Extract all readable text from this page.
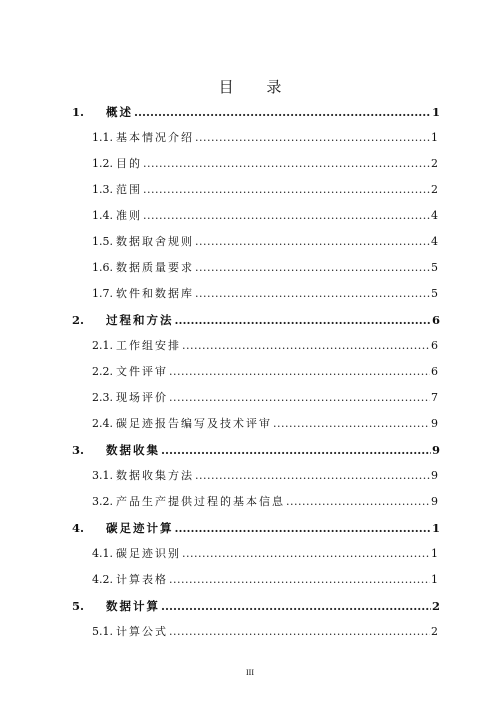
目 录
1.	概述 .....	1
1.1. 基本情况介绍 .....	1
1.2. 目的 .....	2
1.3. 范围 .....	2
1.4. 准则 .....	4
1.5. 数据取舍规则 .....	4
1.6. 数据质量要求 .....	5
1.7. 软件和数据库 .....	5
2.	过程和方法 .....	6
2.1. 工作组安排 .....	6
2.2. 文件评审 .....	6
2.3. 现场评价 .....	7
2.4. 碳足迹报告编写及技术评审 .....	9
3.	数据收集 .....	9
3.1. 数据收集方法 .....	9
3.2. 产品生产提供过程的基本信息 .....	9
4.	碳足迹计算 .....	1
4.1. 碳足迹识别 .....	1
4.2. 计算表格 .....	1
5.	数据计算 .....	2
5.1. 计算公式 .....	2
III
